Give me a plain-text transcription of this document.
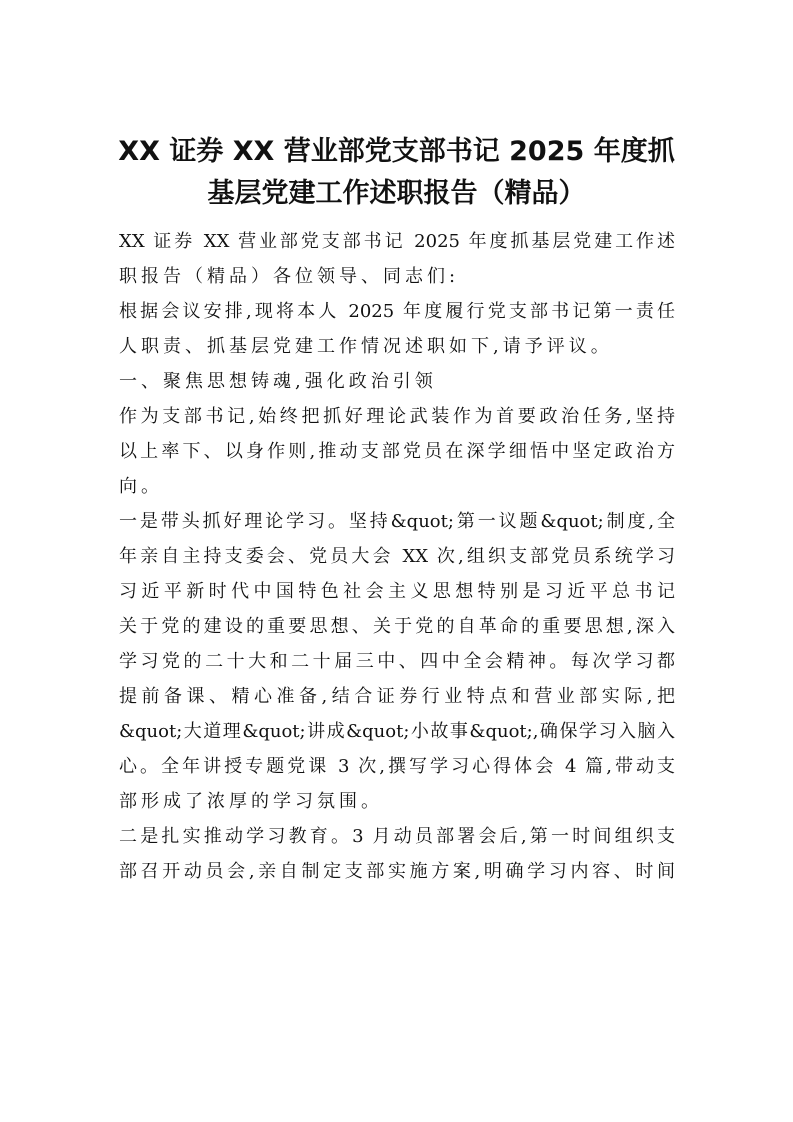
XX 证券 XX 营业部党支部书记 2025 年度抓
基层党建工作述职报告（精品）
XX 证券 XX 营业部党支部书记 2025 年度抓基层党建工作述
职报告（精品）各位领导、同志们:
根据会议安排,现将本人 2025 年度履行党支部书记第一责任
人职责、抓基层党建工作情况述职如下,请予评议。
一、聚焦思想铸魂,强化政治引领
作为支部书记,始终把抓好理论武装作为首要政治任务,坚持
以上率下、以身作则,推动支部党员在深学细悟中坚定政治方
向。
一是带头抓好理论学习。坚持&quot;第一议题&quot;制度,全
年亲自主持支委会、党员大会 XX 次,组织支部党员系统学习
习近平新时代中国特色社会主义思想特别是习近平总书记
关于党的建设的重要思想、关于党的自革命的重要思想,深入
学习党的二十大和二十届三中、四中全会精神。每次学习都
提前备课、精心准备,结合证券行业特点和营业部实际,把
&quot;大道理&quot;讲成&quot;小故事&quot;,确保学习入脑入
心。全年讲授专题党课 3 次,撰写学习心得体会 4 篇,带动支
部形成了浓厚的学习氛围。
二是扎实推动学习教育。3 月动员部署会后,第一时间组织支
部召开动员会,亲自制定支部实施方案,明确学习内容、时间
